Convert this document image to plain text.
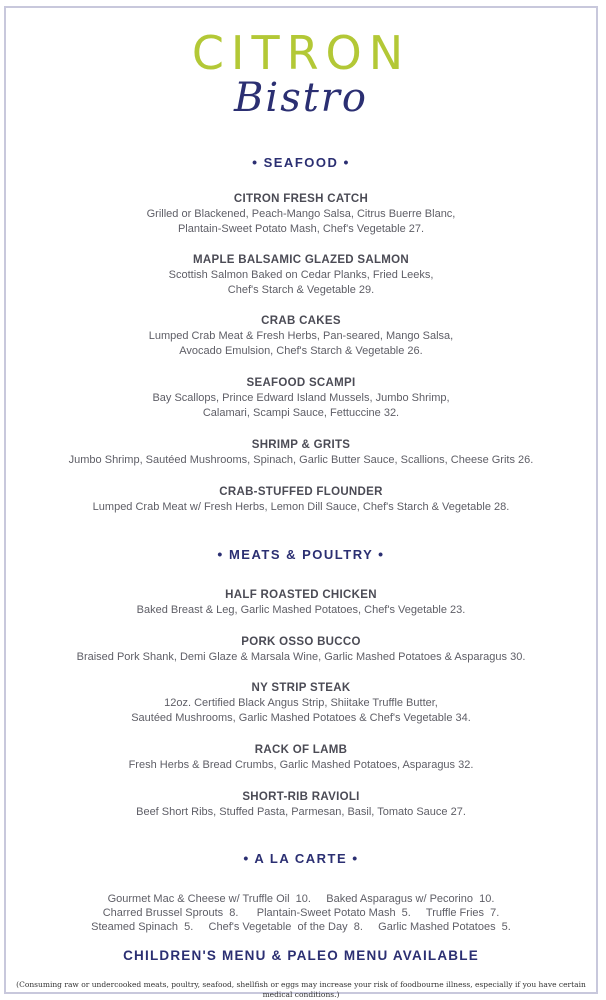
CITRON
Bistro
• SEAFOOD •
CITRON FRESH CATCH
Grilled or Blackened, Peach-Mango Salsa, Citrus Buerre Blanc,
Plantain-Sweet Potato Mash, Chef's Vegetable 27.
MAPLE BALSAMIC GLAZED SALMON
Scottish Salmon Baked on Cedar Planks, Fried Leeks,
Chef's Starch & Vegetable 29.
CRAB CAKES
Lumped Crab Meat & Fresh Herbs, Pan-seared, Mango Salsa,
Avocado Emulsion, Chef's Starch & Vegetable 26.
SEAFOOD SCAMPI
Bay Scallops, Prince Edward Island Mussels, Jumbo Shrimp,
Calamari, Scampi Sauce, Fettuccine 32.
SHRIMP & GRITS
Jumbo Shrimp, Sautéed Mushrooms, Spinach, Garlic Butter Sauce, Scallions, Cheese Grits 26.
CRAB-STUFFED FLOUNDER
Lumped Crab Meat w/ Fresh Herbs, Lemon Dill Sauce, Chef's Starch & Vegetable 28.
• MEATS & POULTRY •
HALF ROASTED CHICKEN
Baked Breast & Leg, Garlic Mashed Potatoes, Chef's Vegetable 23.
PORK OSSO BUCCO
Braised Pork Shank, Demi Glaze & Marsala Wine, Garlic Mashed Potatoes & Asparagus 30.
NY STRIP STEAK
12oz. Certified Black Angus Strip, Shiitake Truffle Butter,
Sautéed Mushrooms, Garlic Mashed Potatoes & Chef's Vegetable 34.
RACK OF LAMB
Fresh Herbs & Bread Crumbs, Garlic Mashed Potatoes, Asparagus 32.
SHORT-RIB RAVIOLI
Beef Short Ribs, Stuffed Pasta, Parmesan, Basil, Tomato Sauce 27.
• A LA CARTE •
Gourmet Mac & Cheese w/ Truffle Oil  10.     Baked Asparagus w/ Pecorino  10.
Charred Brussel Sprouts  8.      Plantain-Sweet Potato Mash  5.     Truffle Fries  7.
Steamed Spinach  5.     Chef's Vegetable  of the Day  8.     Garlic Mashed Potatoes  5.
CHILDREN'S MENU & PALEO MENU AVAILABLE
(Consuming raw or undercooked meats, poultry, seafood, shellfish or eggs may increase your risk of foodbourne illness, especially if you have certain medical conditions.)
